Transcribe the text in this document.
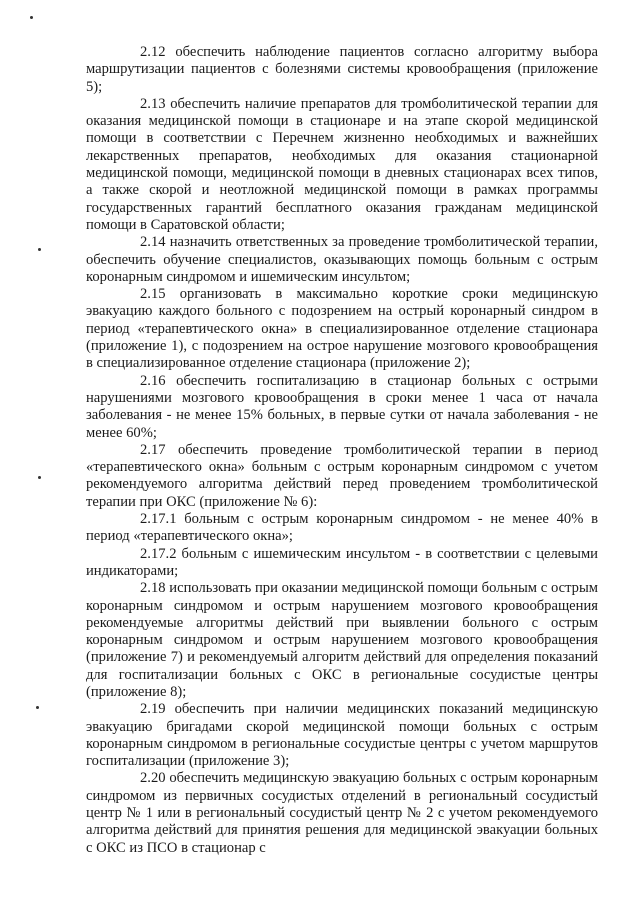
2.12 обеспечить наблюдение пациентов согласно алгоритму выбора маршрутизации пациентов с болезнями системы кровообращения (приложение 5);

2.13 обеспечить наличие препаратов для тромболитической терапии для оказания медицинской помощи в стационаре и на этапе скорой медицинской помощи в соответствии с Перечнем жизненно необходимых и важнейших лекарственных препаратов, необходимых для оказания стационарной медицинской помощи, медицинской помощи в дневных стационарах всех типов, а также скорой и неотложной медицинской помощи в рамках программы государственных гарантий бесплатного оказания гражданам медицинской помощи в Саратовской области;

2.14 назначить ответственных за проведение тромболитической терапии, обеспечить обучение специалистов, оказывающих помощь больным с острым коронарным синдромом и ишемическим инсультом;

2.15 организовать в максимально короткие сроки медицинскую эвакуацию каждого больного с подозрением на острый коронарный синдром в период «терапевтического окна» в специализированное отделение стационара (приложение 1), с подозрением на острое нарушение мозгового кровообращения в специализированное отделение стационара (приложение 2);

2.16 обеспечить госпитализацию в стационар больных с острыми нарушениями мозгового кровообращения в сроки менее 1 часа от начала заболевания - не менее 15% больных, в первые сутки от начала заболевания - не менее 60%;

2.17 обеспечить проведение тромболитической терапии в период «терапевтического окна» больным с острым коронарным синдромом с учетом рекомендуемого алгоритма действий перед проведением тромболитической терапии при ОКС (приложение № 6):

2.17.1 больным с острым коронарным синдромом - не менее 40% в период «терапевтического окна»;

2.17.2 больным с ишемическим инсультом - в соответствии с целевыми индикаторами;

2.18 использовать при оказании медицинской помощи больным с острым коронарным синдромом и острым нарушением мозгового кровообращения рекомендуемые алгоритмы действий при выявлении больного с острым коронарным синдромом и острым нарушением мозгового кровообращения (приложение 7) и рекомендуемый алгоритм действий для определения показаний для госпитализации больных с ОКС в региональные сосудистые центры (приложение 8);

2.19 обеспечить при наличии медицинских показаний медицинскую эвакуацию бригадами скорой медицинской помощи больных с острым коронарным синдромом в региональные сосудистые центры с учетом маршрутов госпитализации (приложение 3);

2.20 обеспечить медицинскую эвакуацию больных с острым коронарным синдромом из первичных сосудистых отделений в региональный сосудистый центр № 1 или в региональный сосудистый центр № 2 с учетом рекомендуемого алгоритма действий для принятия решения для медицинской эвакуации больных с ОКС из ПСО в стационар с
